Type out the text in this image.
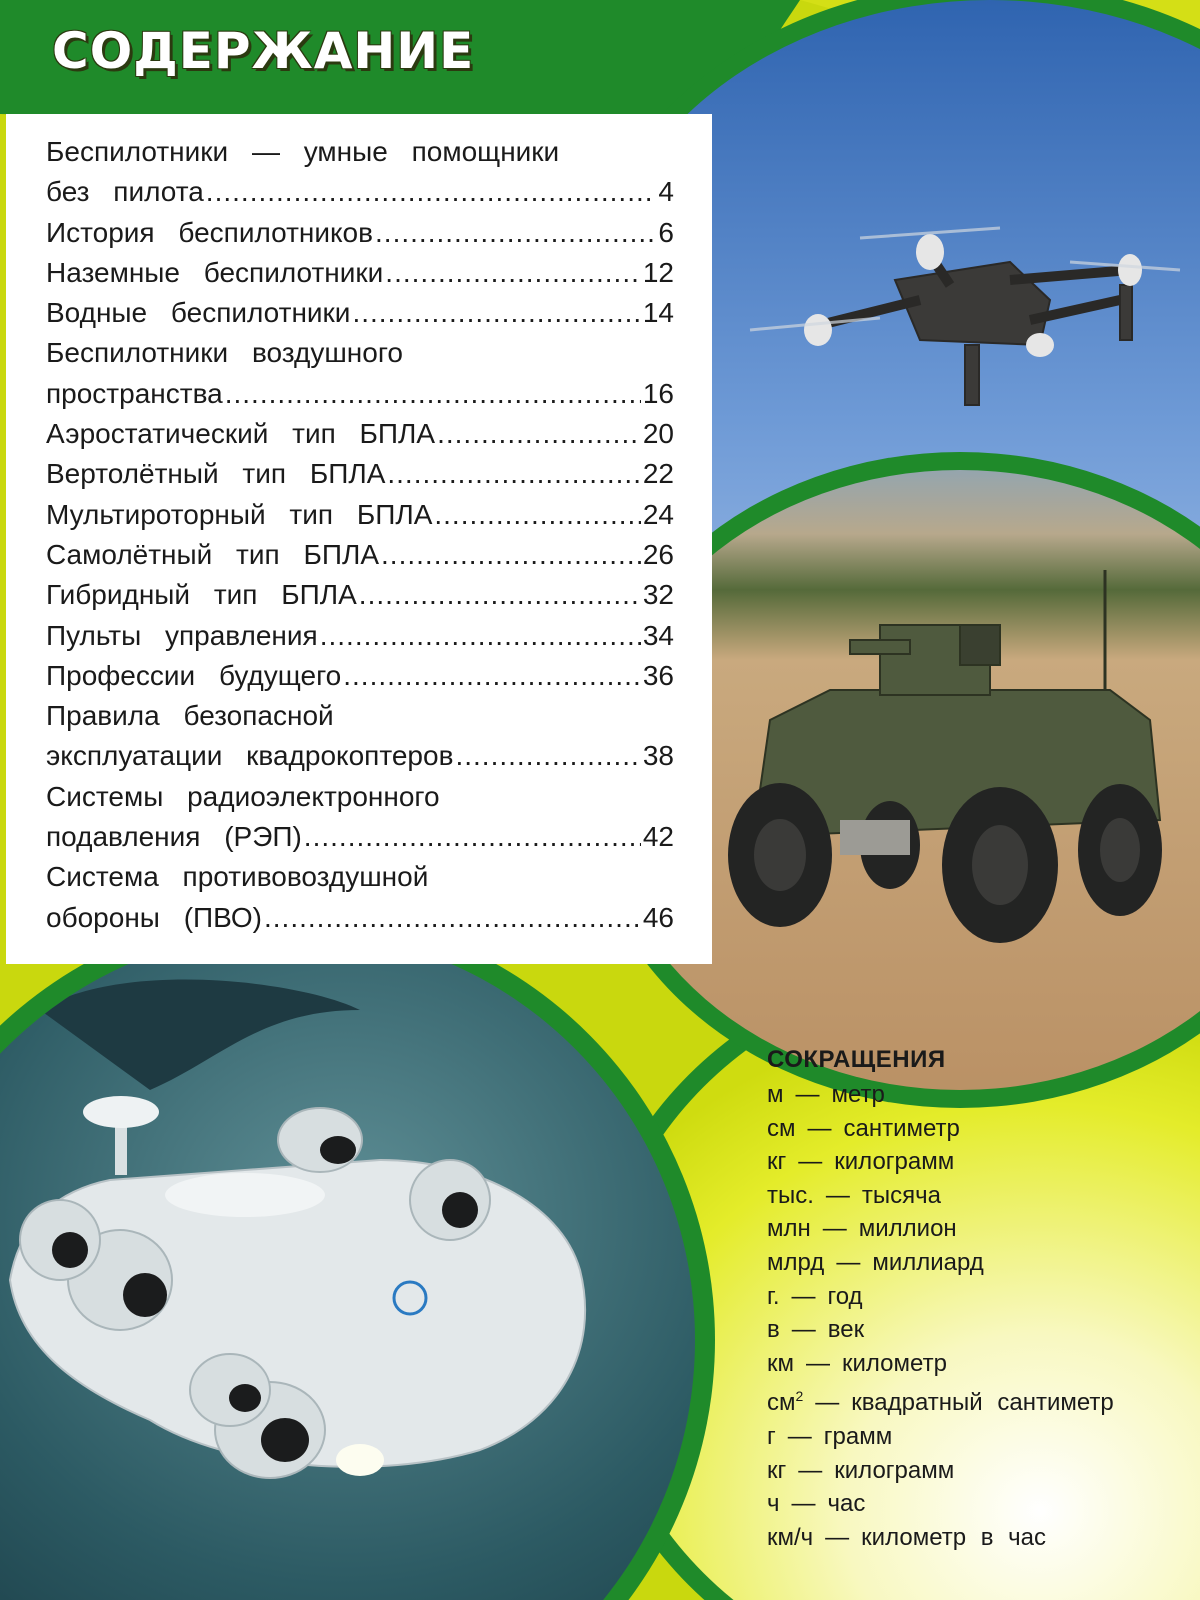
СОДЕРЖАНИЕ
Беспилотники — умные помощники
без пилота .....	4
История беспилотников .....	6
Наземные беспилотники .....	12
Водные беспилотники .....	14
Беспилотники воздушного
пространства .....	16
Аэростатический тип БПЛА .....	20
Вертолётный тип БПЛА .....	22
Мультироторный тип БПЛА .....	24
Самолётный тип БПЛА .....	26
Гибридный тип БПЛА .....	32
Пульты управления .....	34
Профессии будущего .....	36
Правила безопасной
эксплуатации квадрокоптеров .....	38
Системы радиоэлектронного
подавления (РЭП) .....	42
Система противовоздушной
обороны (ПВО) .....	46
СОКРАЩЕНИЯ
м — метр
см — сантиметр
кг — килограмм
тыс. — тысяча
млн — миллион
млрд — миллиард
г. — год
в — век
км — километр
$см^2$ — квадратный сантиметр
г — грамм
кг — килограмм
ч — час
км/ч — километр в час
